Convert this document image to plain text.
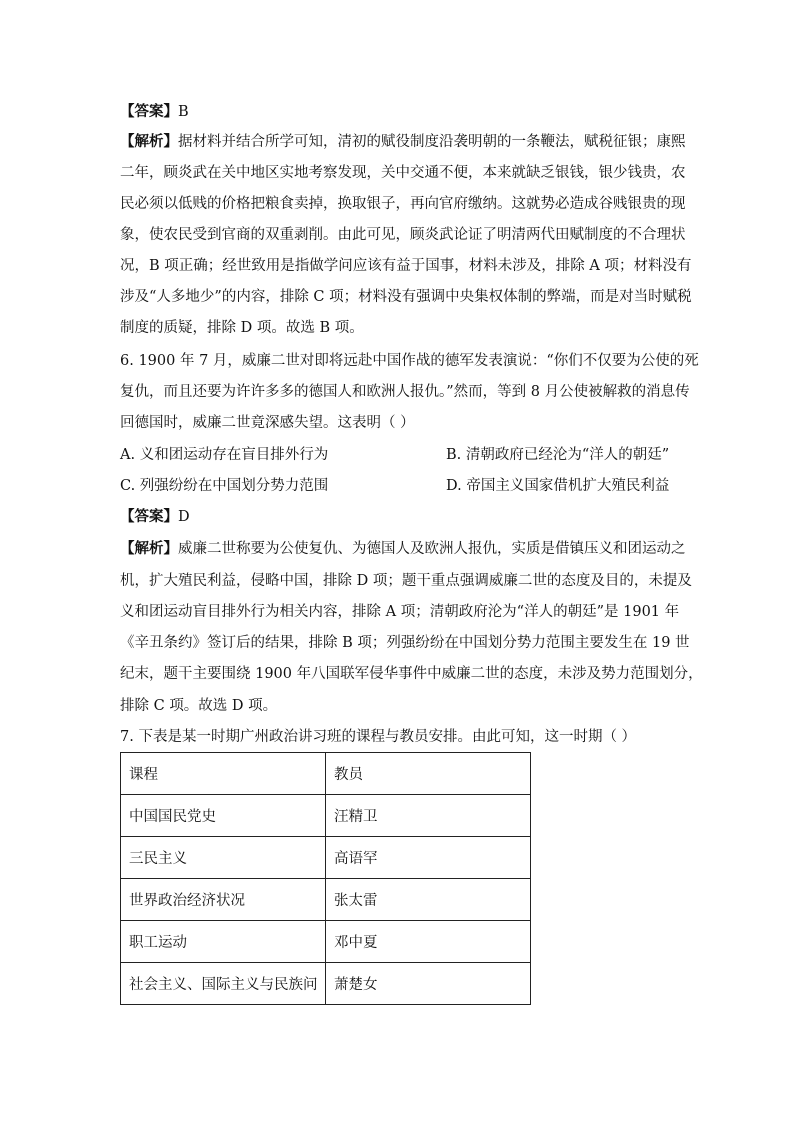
【答案】B
【解析】据材料并结合所学可知，清初的赋役制度沿袭明朝的一条鞭法，赋税征银；康熙
二年，顾炎武在关中地区实地考察发现，关中交通不便，本来就缺乏银钱，银少钱贵，农
民必须以低贱的价格把粮食卖掉，换取银子，再向官府缴纳。这就势必造成谷贱银贵的现
象，使农民受到官商的双重剥削。由此可见，顾炎武论证了明清两代田赋制度的不合理状
况，B 项正确；经世致用是指做学问应该有益于国事，材料未涉及，排除 A 项；材料没有
涉及“人多地少”的内容，排除 C 项；材料没有强调中央集权体制的弊端，而是对当时赋税
制度的质疑，排除 D 项。故选 B 项。
6. 1900 年 7 月，威廉二世对即将远赴中国作战的德军发表演说：“你们不仅要为公使的死
复仇，而且还要为许许多多的德国人和欧洲人报仇。”然而，等到 8 月公使被解救的消息传
回德国时，威廉二世竟深感失望。这表明（ ）
A. 义和团运动存在盲目排外行为	B. 清朝政府已经沦为“洋人的朝廷”
C. 列强纷纷在中国划分势力范围	D. 帝国主义国家借机扩大殖民利益
【答案】D
【解析】威廉二世称要为公使复仇、为德国人及欧洲人报仇，实质是借镇压义和团运动之
机，扩大殖民利益，侵略中国，排除 D 项；题干重点强调威廉二世的态度及目的，未提及
义和团运动盲目排外行为相关内容，排除 A 项；清朝政府沦为“洋人的朝廷”是 1901 年
《辛丑条约》签订后的结果，排除 B 项；列强纷纷在中国划分势力范围主要发生在 19 世
纪末，题干主要围绕 1900 年八国联军侵华事件中威廉二世的态度，未涉及势力范围划分，
排除 C 项。故选 D 项。
7. 下表是某一时期广州政治讲习班的课程与教员安排。由此可知，这一时期（ ）
课程	教员
中国国民党史	汪精卫
三民主义	高语罕
世界政治经济状况	张太雷
职工运动	邓中夏
社会主义、国际主义与民族问	萧楚女
